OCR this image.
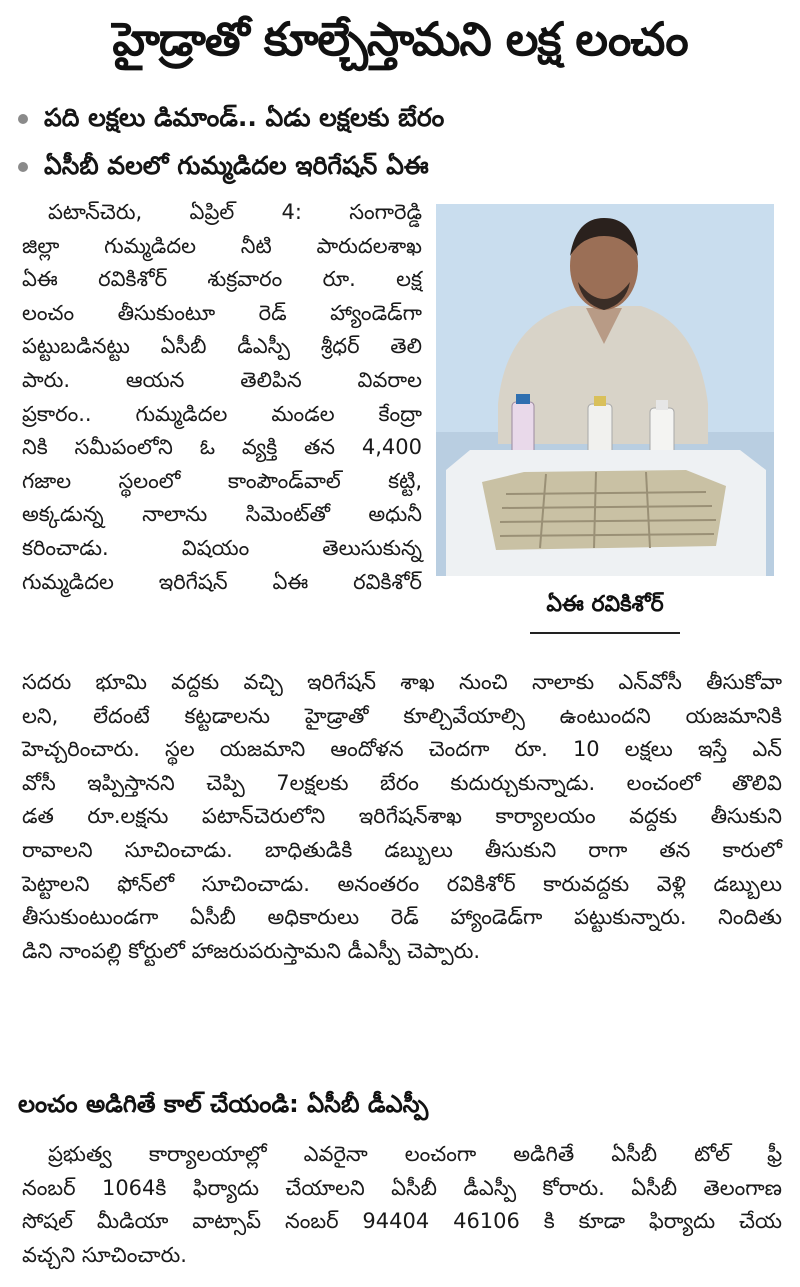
హైడ్రాతో కూల్చేస్తామని లక్ష లంచం
పది లక్షలు డిమాండ్.. ఏడు లక్షలకు బేరం
ఏసీబీ వలలో గుమ్మడిదల ఇరిగేషన్ ఏఈ

పటాన్‌చెరు, ఏప్రిల్ 4: సంగారెడ్డి

జిల్లా గుమ్మడిదల నీటి పారుదలశాఖ

ఏఈ రవికిశోర్ శుక్రవారం రూ. లక్ష

లంచం తీసుకుంటూ రెడ్ హ్యాండెడ్‌గా

పట్టుబడినట్టు ఏసీబీ డీఎస్పీ శ్రీధర్ తెలి

పారు. ఆయన తెలిపిన వివరాల

ప్రకారం.. గుమ్మడిదల మండల కేంద్రా

నికి సమీపంలోని ఓ వ్యక్తి తన 4,400

గజాల స్థలంలో కాంపౌండ్‌వాల్ కట్టి,

అక్కడున్న నాలాను సిమెంట్‌తో అధునీ

కరించాడు. విషయం తెలుసుకున్న

గుమ్మడిదల ఇరిగేషన్ ఏఈ రవికిశోర్

ఏఈ రవికిశోర్

సదరు భూమి వద్దకు వచ్చి ఇరిగేషన్ శాఖ నుంచి నాలాకు ఎన్‌వోసీ తీసుకోవా

లని, లేదంటే కట్టడాలను హైడ్రాతో కూల్చివేయాల్సి ఉంటుందని యజమానికి

హెచ్చరించారు. స్థల యజమాని ఆందోళన చెందగా రూ. 10 లక్షలు ఇస్తే ఎన్

వోసీ ఇప్పిస్తానని చెప్పి 7లక్షలకు బేరం కుదుర్చుకున్నాడు. లంచంలో తొలివి

డత రూ.లక్షను పటాన్‌చెరులోని ఇరిగేషన్‌శాఖ కార్యాలయం వద్దకు తీసుకుని

రావాలని సూచించాడు. బాధితుడికి డబ్బులు తీసుకుని రాగా తన కారులో

పెట్టాలని ఫోన్‌లో సూచించాడు. అనంతరం రవికిశోర్ కారువద్దకు వెళ్లి డబ్బులు

తీసుకుంటుండగా ఏసీబీ అధికారులు రెడ్ హ్యాండెడ్‌గా పట్టుకున్నారు. నిందితు

డిని నాంపల్లి కోర్టులో హాజరుపరుస్తామని డీఎస్పీ చెప్పారు.

లంచం అడిగితే కాల్ చేయండి: ఏసీబీ డీఎస్పీ

ప్రభుత్వ కార్యాలయాల్లో ఎవరైనా లంచంగా అడిగితే ఏసీబీ టోల్ ఫ్రీ

నంబర్ 1064కి ఫిర్యాదు చేయాలని ఏసీబీ డీఎస్పీ కోరారు. ఏసీబీ తెలంగాణ

సోషల్ మీడియా వాట్సాప్ నంబర్ 94404 46106 కి కూడా ఫిర్యాదు చేయ

వచ్చని సూచించారు.
